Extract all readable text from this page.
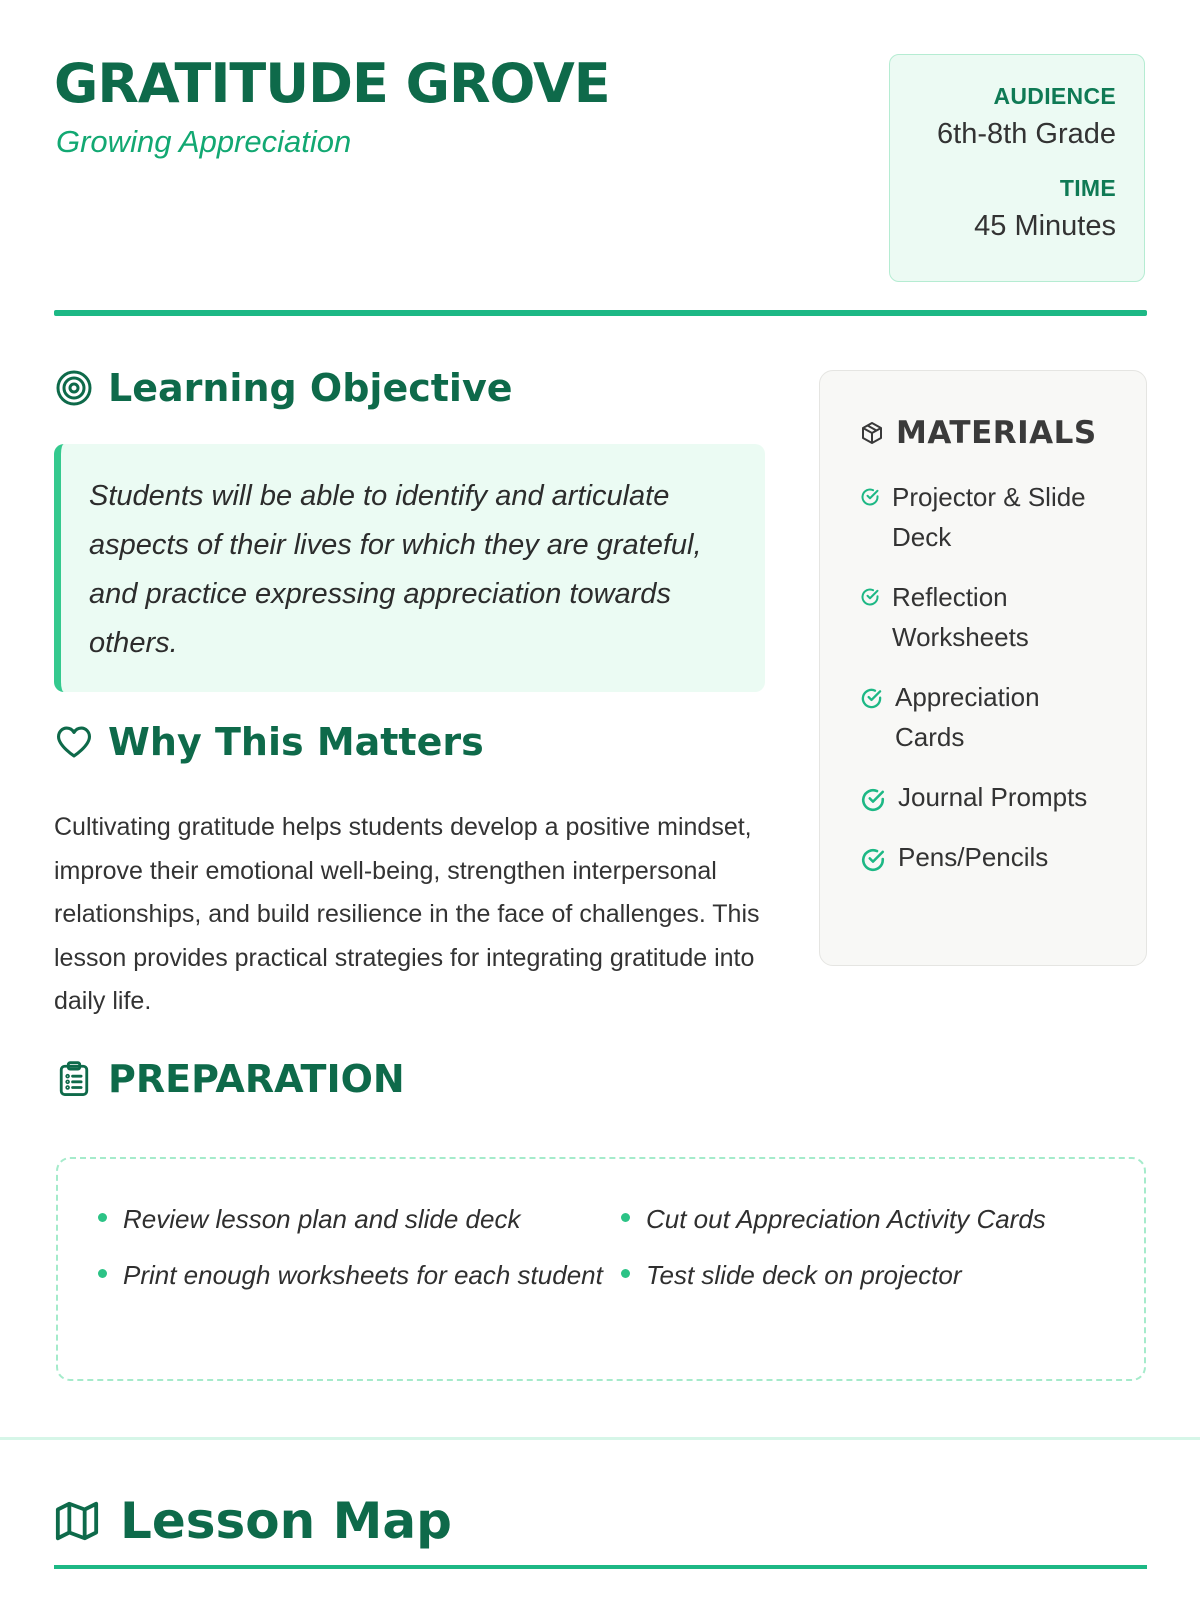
GRATITUDE GROVE
Growing Appreciation
AUDIENCE
6th-8th Grade
TIME
45 Minutes
Learning Objective
Students will be able to identify and articulate aspects of their lives for which they are grateful, and practice expressing appreciation towards others.
Why This Matters
Cultivating gratitude helps students develop a positive mindset, improve their emotional well-being, strengthen interpersonal relationships, and build resilience in the face of challenges. This lesson provides practical strategies for integrating gratitude into daily life.
MATERIALS
Projector & Slide Deck
Reflection Worksheets
Appreciation Cards
Journal Prompts
Pens/Pencils
PREPARATION
Review lesson plan and slide deck	Cut out Appreciation Activity Cards
Print enough worksheets for each student Test slide deck on projector
Lesson Map
